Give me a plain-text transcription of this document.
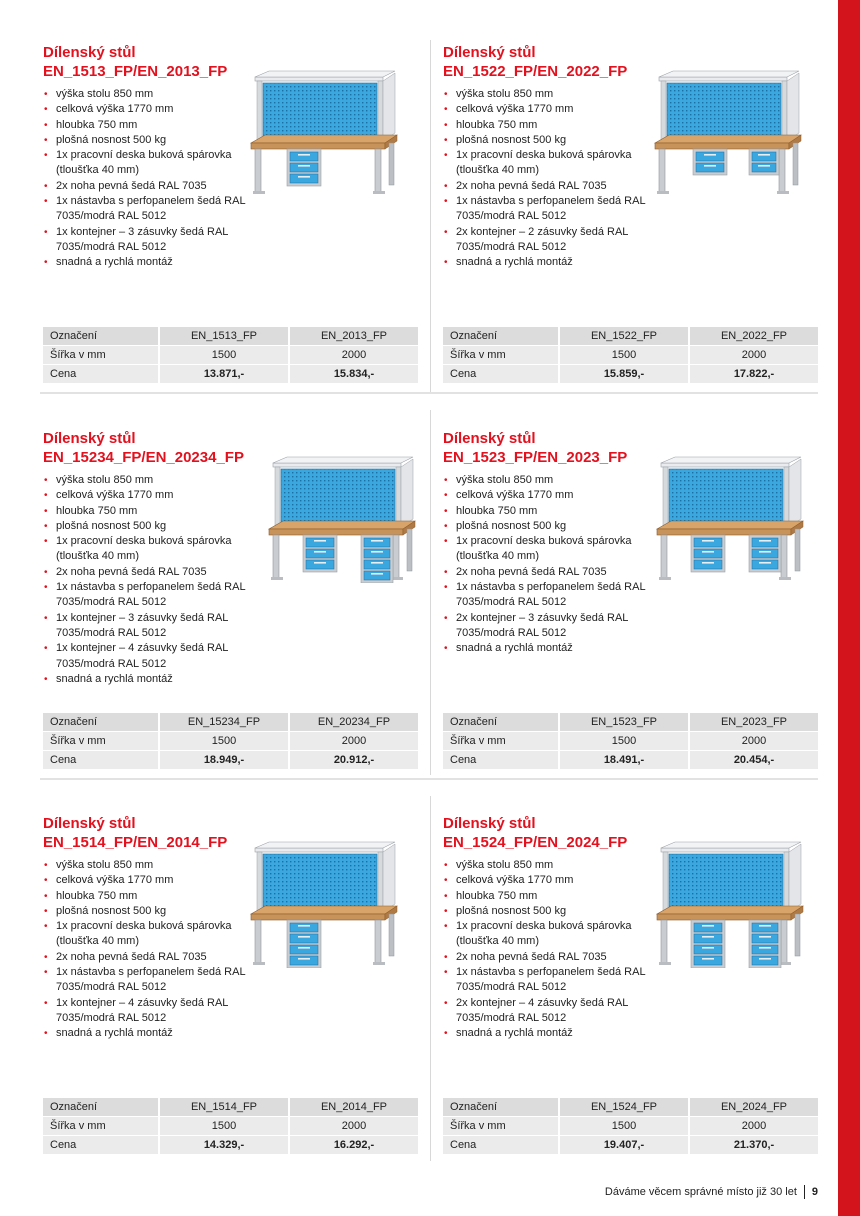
Dílenský stůl
EN_1513_FP/EN_2013_FP

• výška stolu 850 mm
• celková výška 1770 mm
• hloubka 750 mm
• plošná nosnost 500 kg
• 1x pracovní deska buková spárovka (tloušťka 40 mm)
• 2x noha pevná šedá RAL 7035
• 1x nástavba s perfopanelem šedá RAL 7035/modrá RAL 5012
• 1x kontejner – 3 zásuvky šedá RAL 7035/modrá RAL 5012
• snadná a rychlá montáž
Označení	EN_1513_FP	EN_2013_FP
Šířka v mm	1500	2000
Cena	13.871,-	15.834,-

Dílenský stůl
EN_1522_FP/EN_2022_FP

• výška stolu 850 mm
• celková výška 1770 mm
• hloubka 750 mm
• plošná nosnost 500 kg
• 1x pracovní deska buková spárovka (tloušťka 40 mm)
• 2x noha pevná šedá RAL 7035
• 1x nástavba s perfopanelem šedá RAL 7035/modrá RAL 5012
• 2x kontejner – 2 zásuvky šedá RAL 7035/modrá RAL 5012
• snadná a rychlá montáž
Označení	EN_1522_FP	EN_2022_FP
Šířka v mm	1500	2000
Cena	15.859,-	17.822,-

Dílenský stůl
EN_15234_FP/EN_20234_FP

• výška stolu 850 mm
• celková výška 1770 mm
• hloubka 750 mm
• plošná nosnost 500 kg
• 1x pracovní deska buková spárovka (tloušťka 40 mm)
• 2x noha pevná šedá RAL 7035
• 1x nástavba s perfopanelem šedá RAL 7035/modrá RAL 5012
• 1x kontejner – 3 zásuvky šedá RAL 7035/modrá RAL 5012
• 1x kontejner – 4 zásuvky šedá RAL 7035/modrá RAL 5012
• snadná a rychlá montáž
Označení	EN_15234_FP	EN_20234_FP
Šířka v mm	1500	2000
Cena	18.949,-	20.912,-

Dílenský stůl
EN_1523_FP/EN_2023_FP

• výška stolu 850 mm
• celková výška 1770 mm
• hloubka 750 mm
• plošná nosnost 500 kg
• 1x pracovní deska buková spárovka (tloušťka 40 mm)
• 2x noha pevná šedá RAL 7035
• 1x nástavba s perfopanelem šedá RAL 7035/modrá RAL 5012
• 2x kontejner – 3 zásuvky šedá RAL 7035/modrá RAL 5012
• snadná a rychlá montáž
Označení	EN_1523_FP	EN_2023_FP
Šířka v mm	1500	2000
Cena	18.491,-	20.454,-

Dílenský stůl
EN_1514_FP/EN_2014_FP

• výška stolu 850 mm
• celková výška 1770 mm
• hloubka 750 mm
• plošná nosnost 500 kg
• 1x pracovní deska buková spárovka (tloušťka 40 mm)
• 2x noha pevná šedá RAL 7035
• 1x nástavba s perfopanelem šedá RAL 7035/modrá RAL 5012
• 1x kontejner – 4 zásuvky šedá RAL 7035/modrá RAL 5012
• snadná a rychlá montáž
Označení	EN_1514_FP	EN_2014_FP
Šířka v mm	1500	2000
Cena	14.329,-	16.292,-

Dílenský stůl
EN_1524_FP/EN_2024_FP

• výška stolu 850 mm
• celková výška 1770 mm
• hloubka 750 mm
• plošná nosnost 500 kg
• 1x pracovní deska buková spárovka (tloušťka 40 mm)
• 2x noha pevná šedá RAL 7035
• 1x nástavba s perfopanelem šedá RAL 7035/modrá RAL 5012
• 2x kontejner – 4 zásuvky šedá RAL 7035/modrá RAL 5012
• snadná a rychlá montáž
Označení	EN_1524_FP	EN_2024_FP
Šířka v mm	1500	2000
Cena	19.407,-	21.370,-
Dáváme věcem správné místo již 30 let 9
